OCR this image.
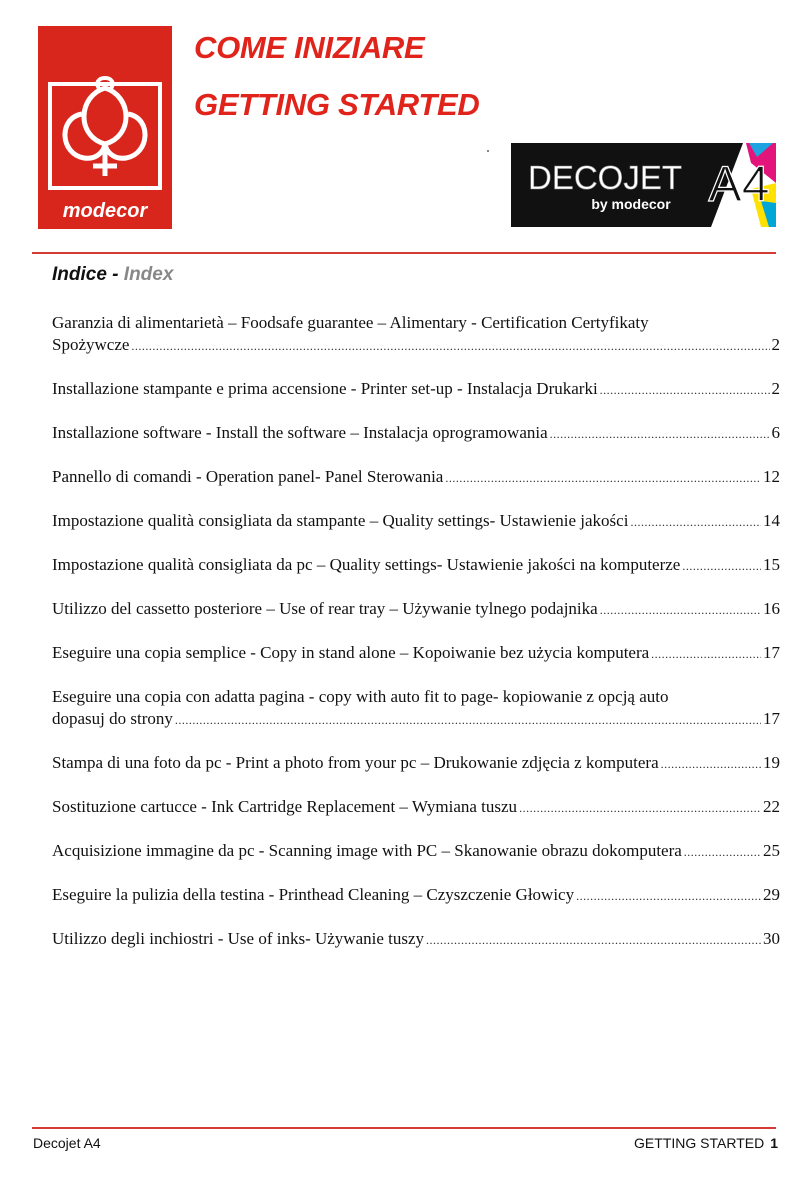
modecor
COME INIZIARE
GETTING STARTED
DECOJET
by modecor A4
Indice - Index
Garanzia di alimentarietà – Foodsafe guarantee – Alimentary - Certification Certyfikaty
Spożywcze .....	2
Installazione stampante e prima accensione - Printer set-up - Instalacja Drukarki .....	2
Installazione software - Install the software – Instalacja oprogramowania .....	6
Pannello di comandi - Operation panel- Panel Sterowania .....	12
Impostazione qualità consigliata da stampante – Quality settings- Ustawienie jakości .....	14
Impostazione qualità consigliata da pc – Quality settings- Ustawienie jakości na komputerze .....	15
Utilizzo del cassetto posteriore – Use of rear tray – Używanie tylnego podajnika .....	16
Eseguire una copia semplice - Copy in stand alone – Kopoiwanie bez użycia komputera .....	17
Eseguire una copia con adatta pagina - copy with auto fit to page- kopiowanie z opcją auto
dopasuj do strony .....	17
Stampa di una foto da pc - Print a photo from your pc – Drukowanie zdjęcia z komputera .....	19
Sostituzione cartucce - Ink Cartridge Replacement – Wymiana tuszu .....	22
Acquisizione immagine da pc - Scanning image with PC – Skanowanie obrazu dokomputera .....	25
Eseguire la pulizia della testina - Printhead Cleaning – Czyszczenie Głowicy .....	29
Utilizzo degli inchiostri - Use of inks- Używanie tuszy .....	30
Decojet A4	GETTING STARTED 1
